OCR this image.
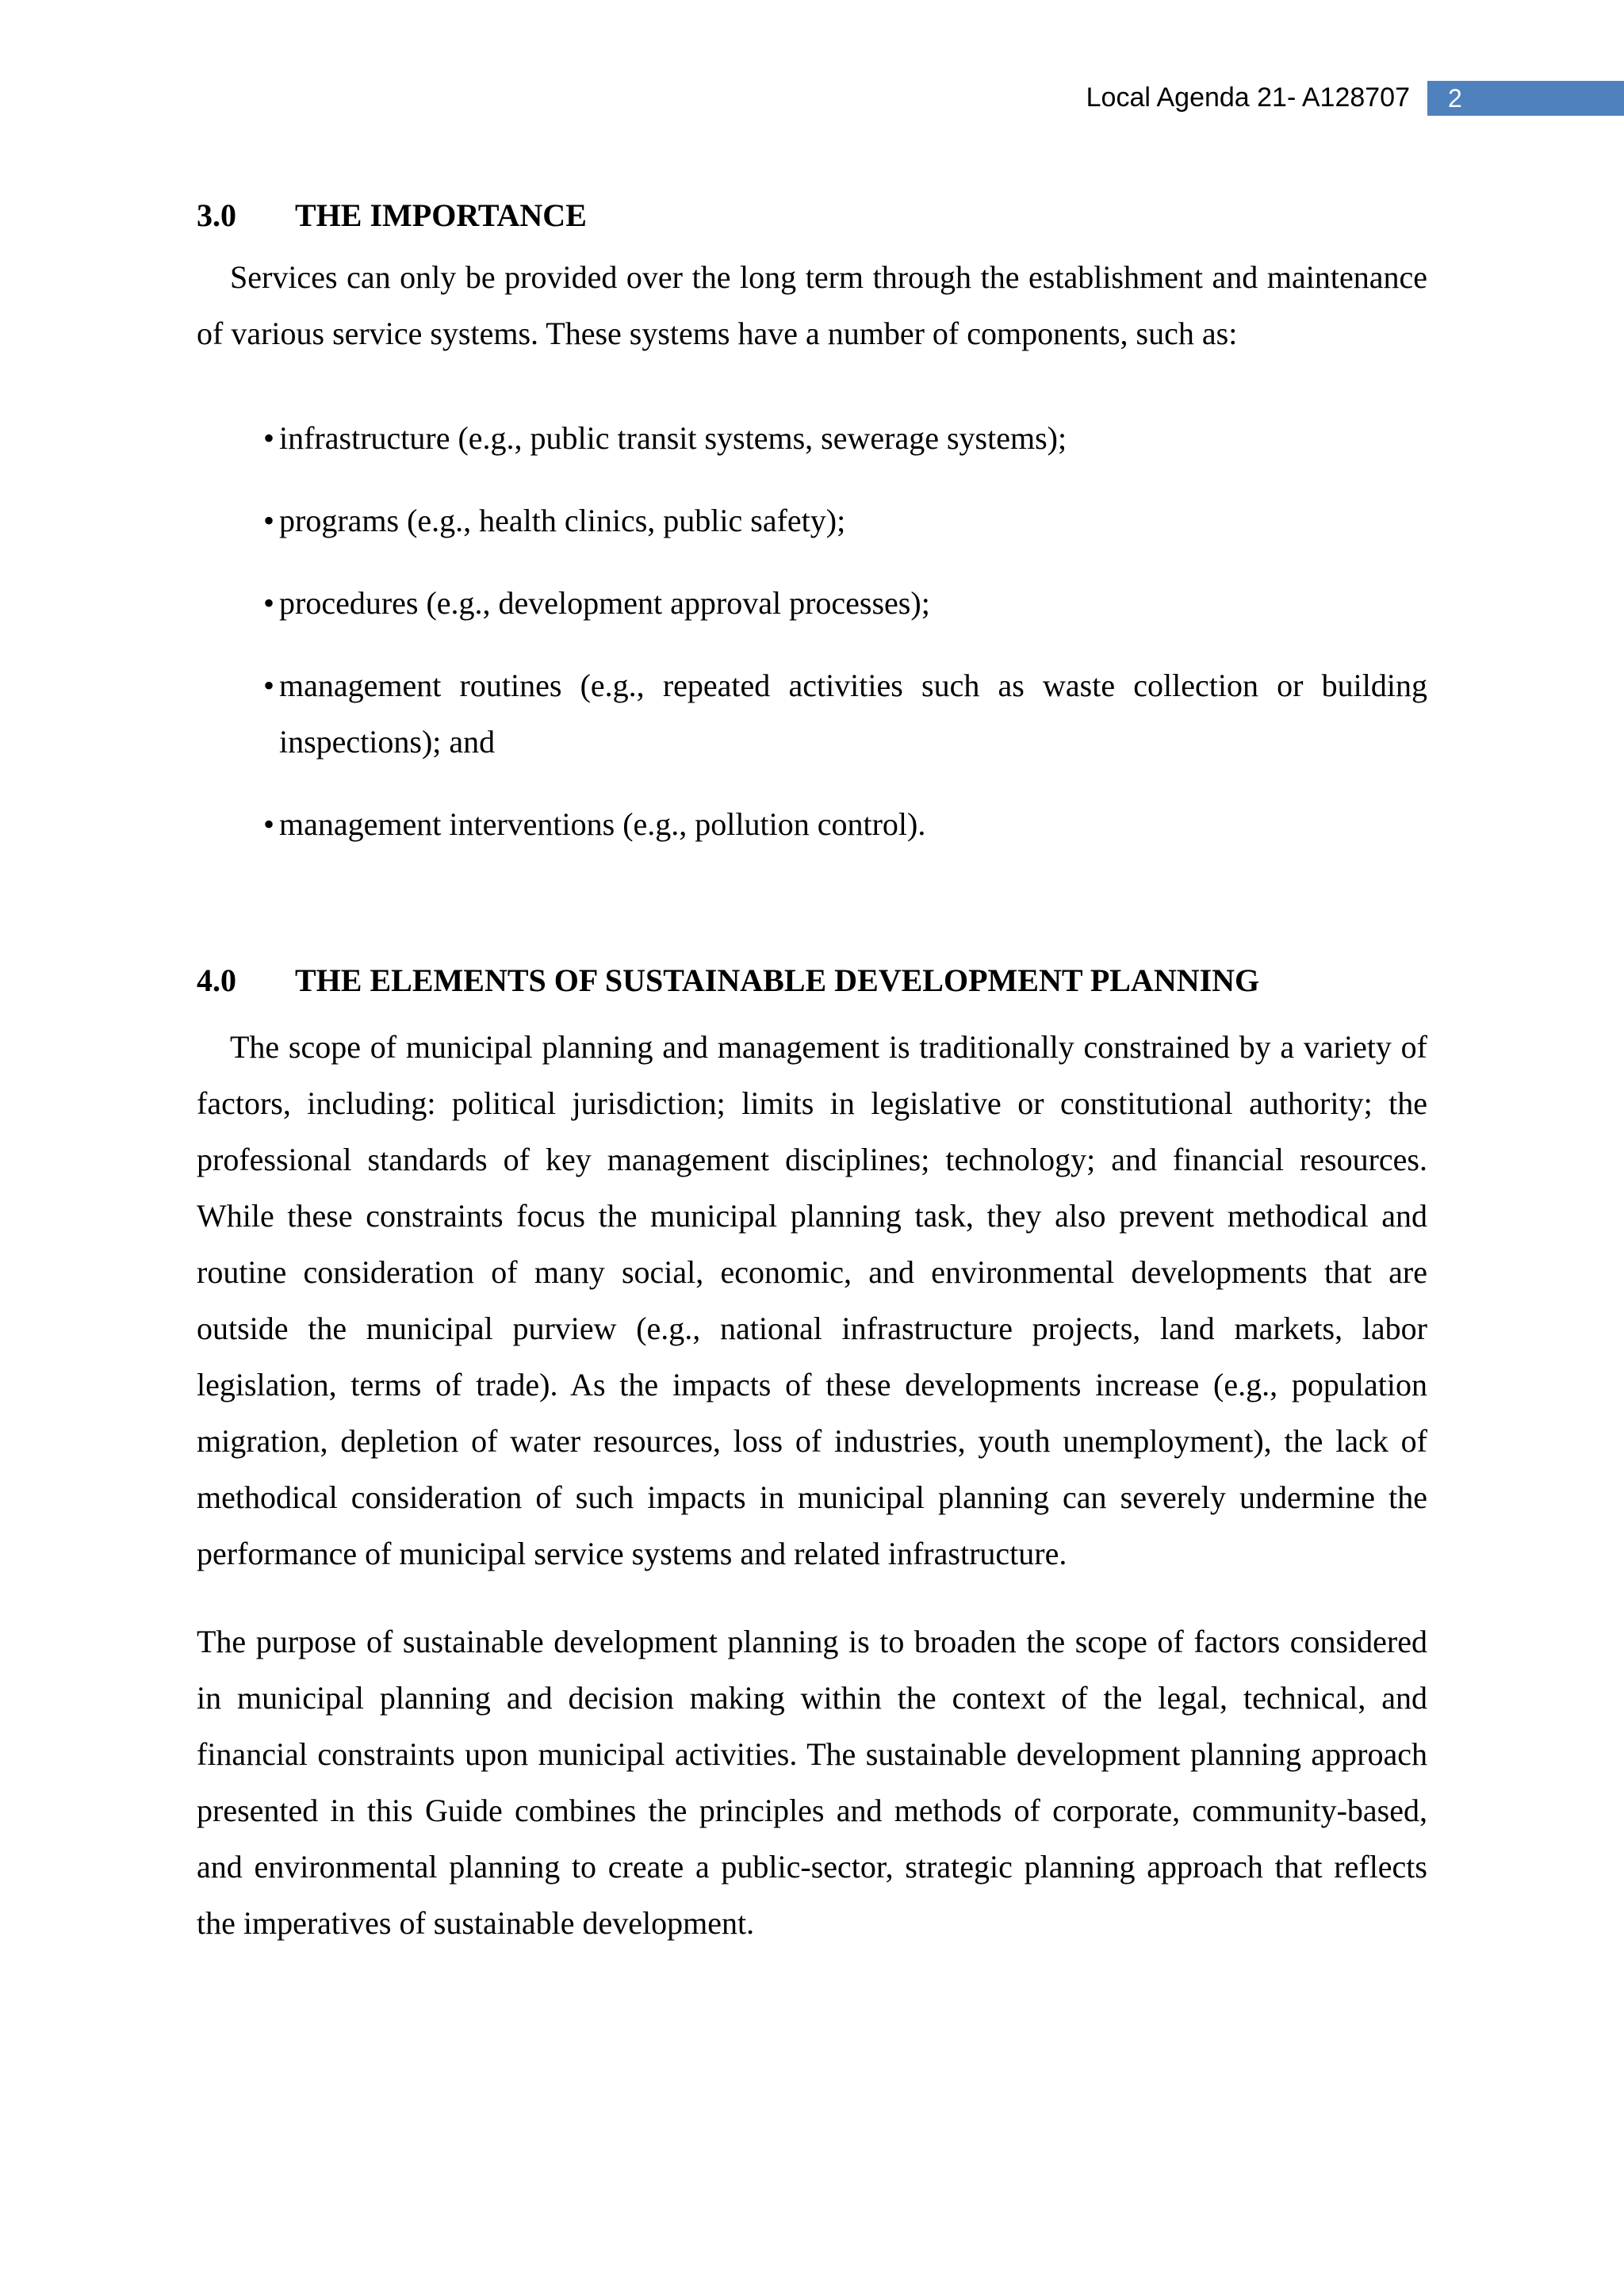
Local Agenda 21- A128707	2
3.0	THE IMPORTANCE

Services can only be provided over the long term through the establishment and maintenance of various service systems. These systems have a number of components, such as:

• infrastructure (e.g., public transit systems, sewerage systems);
• programs (e.g., health clinics, public safety);
• procedures (e.g., development approval processes);
• management routines (e.g., repeated activities such as waste collection or building inspections); and
• management interventions (e.g., pollution control).
4.0	THE ELEMENTS OF SUSTAINABLE DEVELOPMENT PLANNING

The scope of municipal planning and management is traditionally constrained by a variety of factors, including: political jurisdiction; limits in legislative or constitutional authority; the professional standards of key management disciplines; technology; and financial resources. While these constraints focus the municipal planning task, they also prevent methodical and routine consideration of many social, economic, and environmental developments that are outside the municipal purview (e.g., national infrastructure projects, land markets, labor legislation, terms of trade). As the impacts of these developments increase (e.g., population migration, depletion of water resources, loss of industries, youth unemployment), the lack of methodical consideration of such impacts in municipal planning can severely undermine the performance of municipal service systems and related infrastructure.

The purpose of sustainable development planning is to broaden the scope of factors considered in municipal planning and decision making within the context of the legal, technical, and financial constraints upon municipal activities. The sustainable development planning approach presented in this Guide combines the principles and methods of corporate, community-based, and environmental planning to create a public-sector, strategic planning approach that reflects the imperatives of sustainable development.
